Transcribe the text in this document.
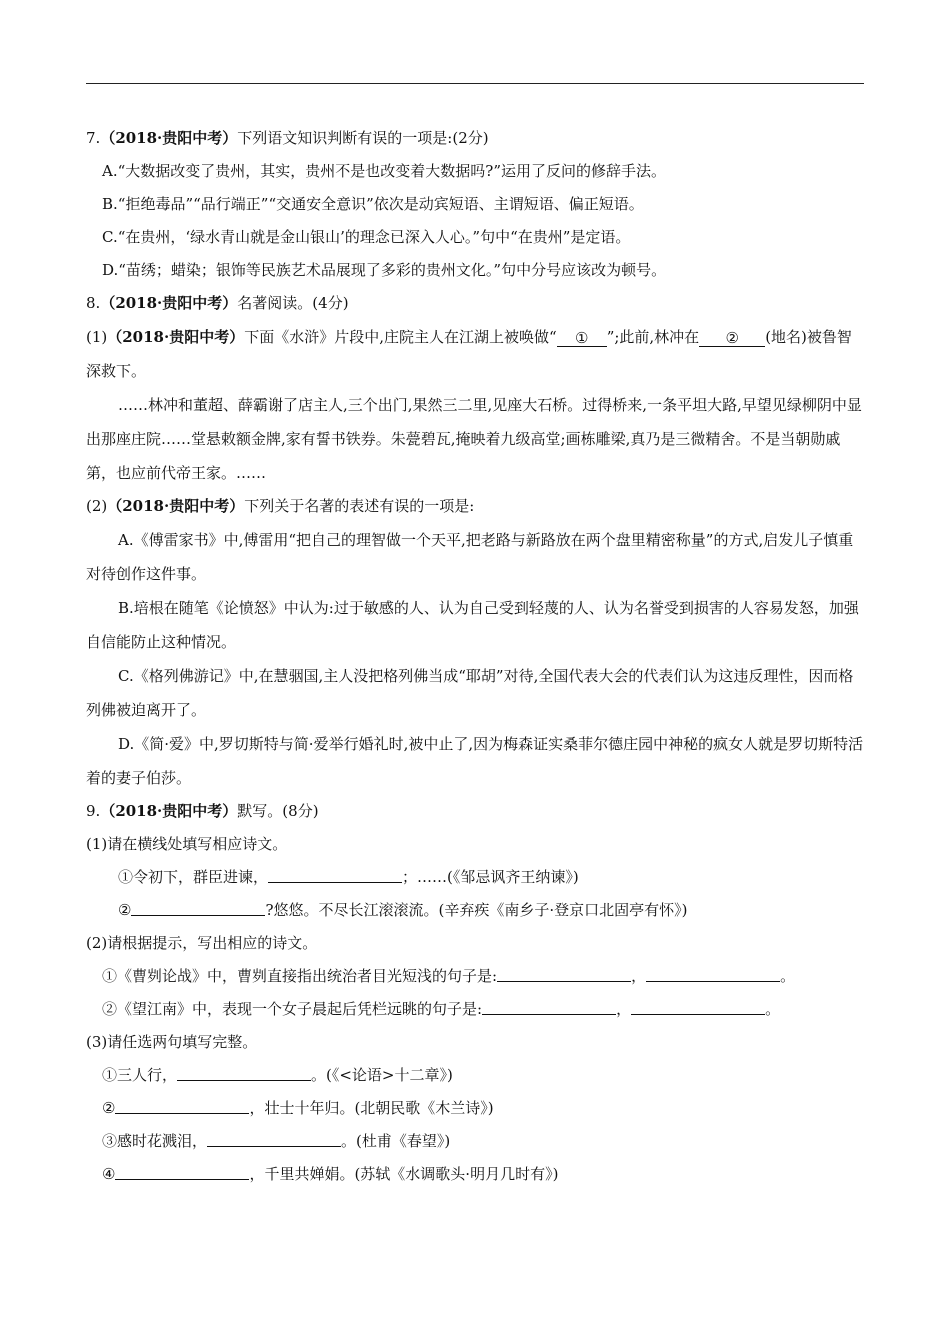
7.（2018·贵阳中考）下列语文知识判断有误的一项是:(2分)

A.“大数据改变了贵州，其实，贵州不是也改变着大数据吗?”运用了反问的修辞手法。

B.“拒绝毒品”“品行端正”“交通安全意识”依次是动宾短语、主谓短语、偏正短语。

C.“在贵州，‘绿水青山就是金山银山’的理念已深入人心。”句中“在贵州”是定语。

D.“苗绣；蜡染；银饰等民族艺术品展现了多彩的贵州文化。”句中分号应该改为顿号。

8.（2018·贵阳中考）名著阅读。(4分)

(1)（2018·贵阳中考）下面《水浒》片段中,庄院主人在江湖上被唤做“ ① ”;此前,林冲在 ② (地名)被鲁智深救下。

……林冲和董超、薛霸谢了店主人,三个出门,果然三二里,见座大石桥。过得桥来,一条平坦大路,早望见绿柳阴中显出那座庄院……堂悬敕额金牌,家有誓书铁券。朱甍碧瓦,掩映着九级高堂;画栋雕梁,真乃是三微精舍。不是当朝勋戚第，也应前代帝王家。……

(2)（2018·贵阳中考）下列关于名著的表述有误的一项是:

A.《傅雷家书》中,傅雷用“把自己的理智做一个天平,把老路与新路放在两个盘里精密称量”的方式,启发儿子慎重对待创作这件事。

B.培根在随笔《论愤怒》中认为:过于敏感的人、认为自己受到轻蔑的人、认为名誉受到损害的人容易发怒，加强自信能防止这种情况。

C.《格列佛游记》中,在慧骃国,主人没把格列佛当成“耶胡”对待,全国代表大会的代表们认为这违反理性，因而格列佛被迫离开了。

D.《简·爱》中,罗切斯特与简·爱举行婚礼时,被中止了,因为梅森证实桑菲尔德庄园中神秘的疯女人就是罗切斯特活着的妻子伯莎。

9.（2018·贵阳中考）默写。(8分)

(1)请在横线处填写相应诗文。

①令初下，群臣进谏，	；……(《邹忌讽齐王纳谏》)

②	?悠悠。不尽长江滚滚流。(辛弃疾《南乡子·登京口北固亭有怀》)

(2)请根据提示，写出相应的诗文。

①《曹刿论战》中，曹刿直接指出统治者目光短浅的句子是:	，	。

②《望江南》中，表现一个女子晨起后凭栏远眺的句子是:	，	。

(3)请任选两句填写完整。

①三人行，	。(《<论语>十二章》)

②	，壮士十年归。(北朝民歌《木兰诗》)

③感时花溅泪，	。(杜甫《春望》)

④	，千里共婵娟。(苏轼《水调歌头·明月几时有》)
